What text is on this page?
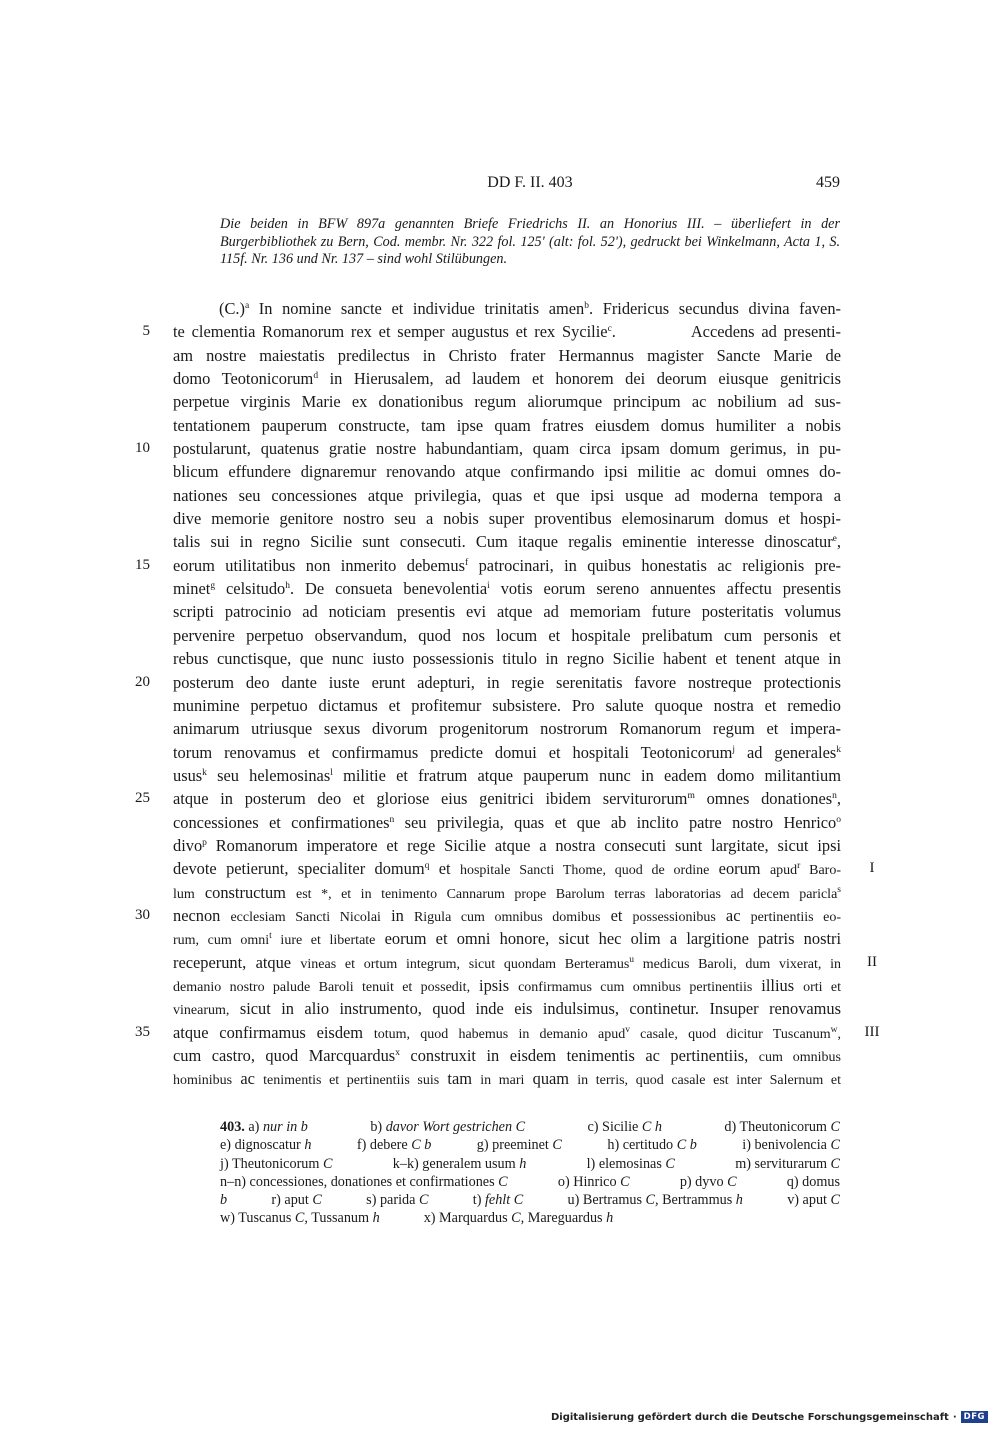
DD F. II. 403	459
Die beiden in BFW 897a genannten Briefe Friedrichs II. an Honorius III. – überliefert in der Burgerbibliothek zu Bern, Cod. membr. Nr. 322 fol. 125' (alt: fol. 52'), gedruckt bei Winkelmann, Acta 1, S. 115f. Nr. 136 und Nr. 137 – sind wohl Stilübungen.
$(C.)^a$ In nomine sancte et individue trinitatis amen$^b$. Fridericus secundus divina faven-
5 te clementia Romanorum rex et semper augustus et rex Sycilie$^c$.           Accedens ad presenti-
am nostre maiestatis predilectus in Christo frater Hermannus magister Sancte Marie de
domo Teotonicorum$^d$ in Hierusalem, ad laudem et honorem dei deorum eiusque genitricis
perpetue virginis Marie ex donationibus regum aliorumque principum ac nobilium ad sus-
tentationem pauperum constructe, tam ipse quam fratres eiusdem domus humiliter a nobis
10 postularunt, quatenus gratie nostre habundantiam, quam circa ipsam domum gerimus, in pu-
blicum effundere dignaremur renovando atque confirmando ipsi militie ac domui omnes do-
nationes seu concessiones atque privilegia, quas et que ipsi usque ad moderna tempora a
dive memorie genitore nostro seu a nobis super proventibus elemosinarum domus et hospi-
talis sui in regno Sicilie sunt consecuti. Cum itaque regalis eminentie interesse dinoscatur$^e$,
15 eorum utilitatibus non inmerito debemus$^f$ patrocinari, in quibus honestatis ac religionis pre-
minet$^g$ celsitudo$^h$. De consueta benevolentia$^i$ votis eorum sereno annuentes affectu presentis
scripti patrocinio ad noticiam presentis evi atque ad memoriam future posteritatis volumus
pervenire perpetuo observandum, quod nos locum et hospitale prelibatum cum personis et
rebus cunctisque, que nunc iusto possessionis titulo in regno Sicilie habent et tenent atque in
20 posterum deo dante iuste erunt adepturi, in regie serenitatis favore nostreque protectionis
munimine perpetuo dictamus et profitemur subsistere. Pro salute quoque nostra et remedio
animarum utriusque sexus divorum progenitorum nostrorum Romanorum regum et impera-
torum renovamus et confirmamus predicte domui et hospitali Teotonicorum$^j$ ad generales$^k$
usus$^k$ seu helemosinas$^l$ militie et fratrum atque pauperum nunc in eadem domo militantium
25 atque in posterum deo et gloriose eius genitrici ibidem serviturorum$^m$ omnes donationes$^n$,
concessiones et confirmationes$^n$ seu privilegia, quas et que ab inclito patre nostro Henrico$^o$
divo$^p$ Romanorum imperatore et rege Sicilie atque a nostra consecuti sunt largitate, sicut ipsi
devote petierunt, specialiter domum$^q$ et hospitale Sancti Thome, quod de ordine eorum apud$^r$ Baro-	I
lum constructum est *, et in tenimento Cannarum prope Barolum terras laboratorias ad decem paricla$^s$
30 necnon ecclesiam Sancti Nicolai in Rigula cum omnibus domibus et possessionibus ac pertinentiis eo-
rum, cum omni$^t$ iure et libertate eorum et omni honore, sicut hec olim a largitione patris nostri
receperunt, atque vineas et ortum integrum, sicut quondam Berteramus$^u$ medicus Baroli, dum vixerat, in	II
demanio nostro palude Baroli tenuit et possedit, ipsis confirmamus cum omnibus pertinentiis illius orti et
vinearum, sicut in alio instrumento, quod inde eis indulsimus, continetur. Insuper renovamus
35 atque confirmamus eisdem totum, quod habemus in demanio apud$^v$ casale, quod dicitur Tuscanum$^w$,	III
cum castro, quod Marcquardus$^x$ construxit in eisdem tenimentis ac pertinentiis, cum omnibus
hominibus ac tenimentis et pertinentiis suis tam in mari quam in terris, quod casale est inter Salernum et
403. a) nur in b	b) davor Wort gestrichen C	c) Sicilie C h	d) Theutonicorum C
e) dignoscatur h	f) debere C b	g) preeminet C	h) certitudo C b	i) benivolencia C
j) Theutonicorum C	k–k) generalem usum h	l) elemosinas C	m) serviturarum C
n–n) concessiones, donationes et confirmationes C	o) Hinrico C	p) dyvo C	q) domus
b	r) aput C	s) parida C	t) fehlt C	u) Bertramus C, Bertrammus h	v) aput C
w) Tuscanus C, Tussanum h	x) Marquardus C, Mareguardus h
Digitalisierung gefördert durch die Deutsche Forschungsgemeinschaft · DFG
